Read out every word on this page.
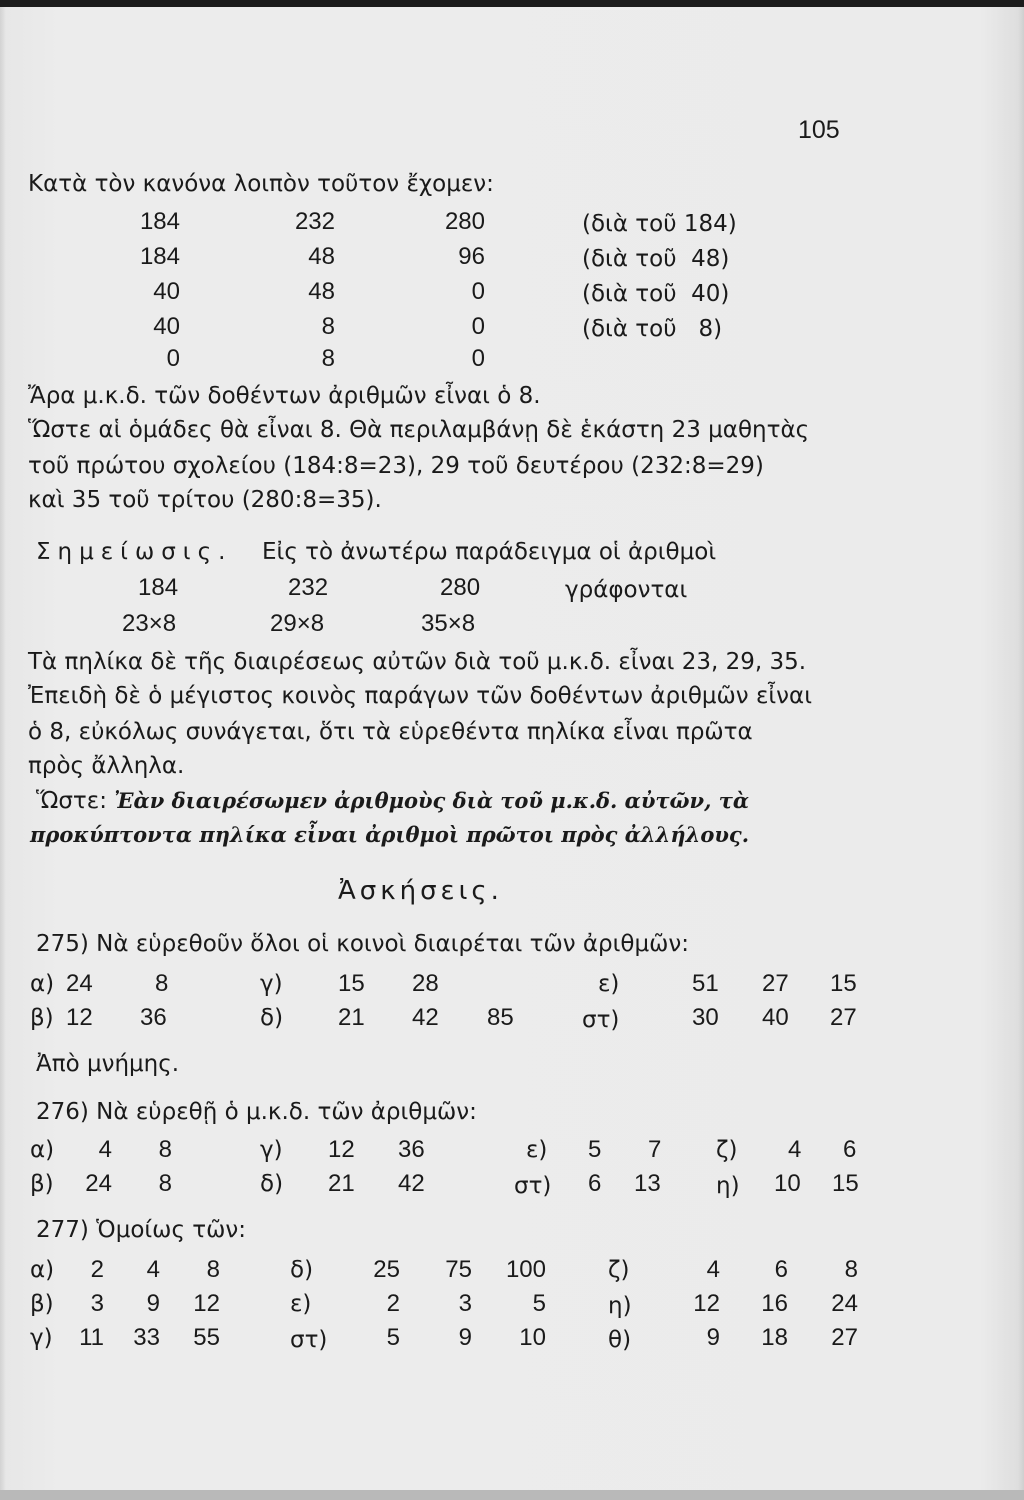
105
Κατὰ τὸν κανόνα λοιπὸν τοῦτον ἔχομεν:
184	232	280	(διὰ τοῦ 184)
184	48	96	(διὰ τοῦ  48)
40	48	0	(διὰ τοῦ  40)
40	8	0	(διὰ τοῦ   8)
0	8	0
Ἄρα μ.κ.δ. τῶν δοθέντων ἀριθμῶν εἶναι ὁ 8.
Ὥστε αἱ ὁμάδες θὰ εἶναι 8. Θὰ περιλαμβάνῃ δὲ ἑκάστη 23 μαθητὰς
τοῦ πρώτου σχολείου (184:8=23), 29 τοῦ δευτέρου (232:8=29)
καὶ 35 τοῦ τρίτου (280:8=35).
Σημείωσις. Εἰς τὸ ἀνωτέρω παράδειγμα οἱ ἀριθμοὶ
184	232	280	γράφονται
23×8	29×8	35×8
Τὰ πηλίκα δὲ τῆς διαιρέσεως αὐτῶν διὰ τοῦ μ.κ.δ. εἶναι 23, 29, 35.
Ἐπειδὴ δὲ ὁ μέγιστος κοινὸς παράγων τῶν δοθέντων ἀριθμῶν εἶναι
ὁ 8, εὐκόλως συνάγεται, ὅτι τὰ εὑρεθέντα πηλίκα εἶναι πρῶτα
πρὸς ἄλληλα.
Ὥστε: Ἐὰν διαιρέσωμεν ἀριθμοὺς διὰ τοῦ μ.κ.δ. αὐτῶν, τὰ
προκύπτοντα πηλίκα εἶναι ἀριθμοὶ πρῶτοι πρὸς ἀλλήλους.
Ἀσκήσεις.
275) Νὰ εὑρεθοῦν ὅλοι οἱ κοινοὶ διαιρέται τῶν ἀριθμῶν:
α) 24	8	γ) 15 28	ε)	51 27 15
β) 12 36	δ) 21 42 85	στ)	30 40 27
Ἀπὸ μνήμης.
276) Νὰ εὑρεθῇ ὁ μ.κ.δ. τῶν ἀριθμῶν:
α)	4	8	γ) 12 36	ε) 5 7 ζ) 4 6
β) 24	8	δ) 21 42	στ) 6 13 η) 10 15
277) Ὁμοίως τῶν:
α)	2	4	8	δ)	25	75	100	ζ)	4	6	8
β)	3	9	12	ε)	2	3	5	η)	12	16	24
γ) 11 33	55	στ)	5	9	10	θ)	9	18	27
